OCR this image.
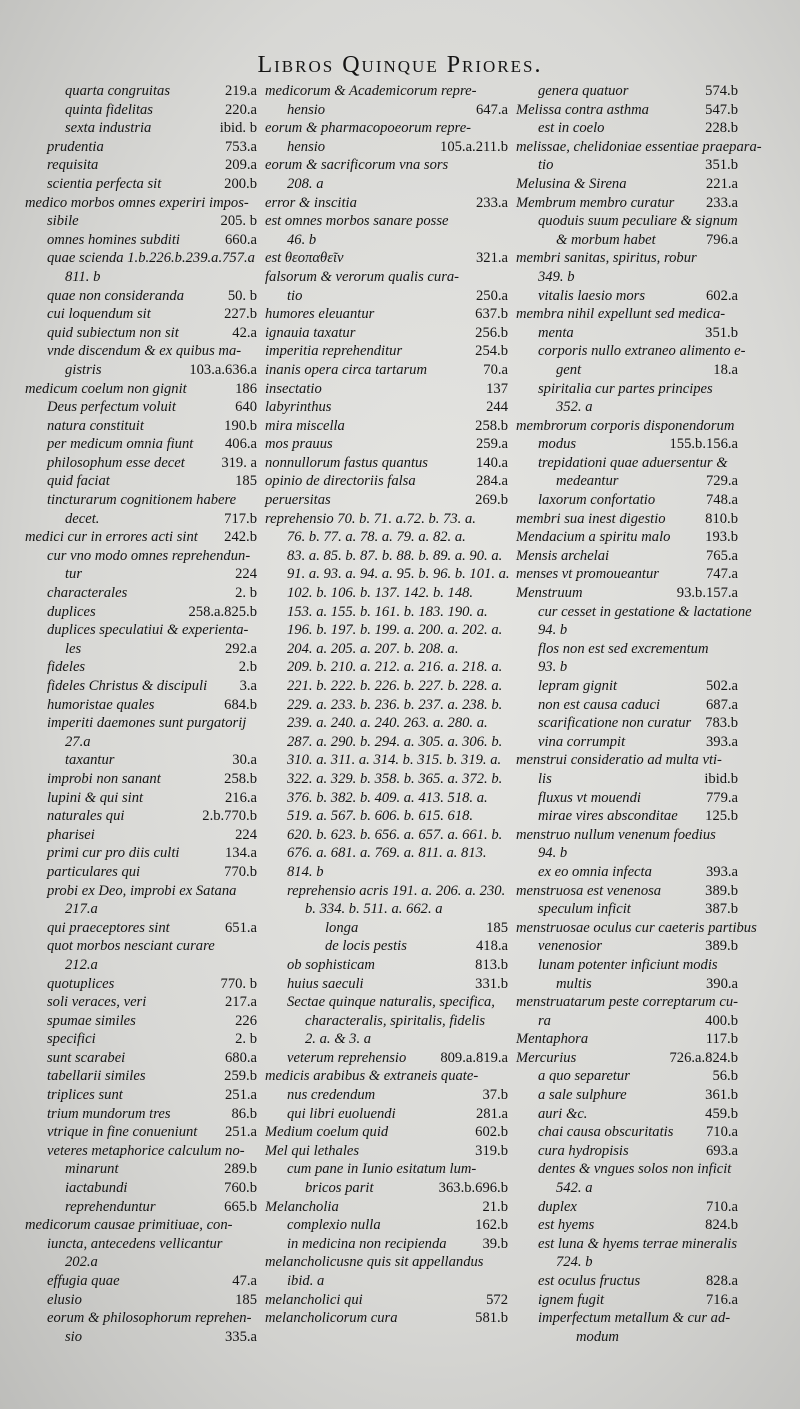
Libros Quinque Priores.
quarta congruitas	219.a
quinta fidelitas	220.a
sexta industria	ibid. b
prudentia	753.a
requisita	209.a
scientia perfecta sit	200.b
medico morbos omnes experiri impos-
sibile	205. b
omnes homines subditi	660.a
quae scienda 1.b.226.b.239.a.757.a
811. b
quae non consideranda	50. b
cui loquendum sit	227.b
quid subiectum non sit	42.a
vnde discendum & ex quibus ma-
gistris	103.a.636.a
medicum coelum non gignit	186
Deus perfectum voluit	640
natura constituit	190.b
per medicum omnia fiunt 406.a
philosophum esse decet	319. a
quid faciat	185
tincturarum cognitionem habere
decet.	717.b
medici cur in errores acti sint 242.b
cur vno modo omnes reprehendun-
tur	224
characterales	2. b
duplices	258.a.825.b
duplices speculatiui & experienta-
les	292.a
fideles	2.b
fideles Christus & discipuli 3.a
humoristae quales	684.b
imperiti daemones sunt purgatorij
27.a
taxantur	30.a
improbi non sanant	258.b
lupini & qui sint	216.a
naturales qui	2.b.770.b
pharisei	224
primi cur pro diis culti	134.a
particulares qui	770.b
probi ex Deo, improbi ex Satana
217.a
qui praeceptores sint	651.a
quot morbos nesciant curare
212.a
quotuplices	770. b
soli veraces, veri	217.a
spumae similes	226
specifici	2. b
sunt scarabei	680.a
tabellarii similes	259.b
triplices sunt	251.a
trium mundorum tres	86.b
vtrique in fine conueniunt 251.a
veteres metaphorice calculum no-
minarunt	289.b
iactabundi	760.b
reprehenduntur	665.b
medicorum causae primitiuae, con-
iuncta, antecedens vellicantur
202.a
effugia quae	47.a
elusio	185
eorum & philosophorum reprehen-
sio	335.a
medicorum & Academicorum repre-
hensio	647.a
eorum & pharmacopoeorum repre-
hensio	105.a.211.b
eorum & sacrificorum vna sors
208. a
error & inscitia	233.a
est omnes morbos sanare posse
46. b
est θεοπαθεῖν	321.a
falsorum & verorum qualis cura-
tio	250.a
humores eleuantur	637.b
ignauia taxatur	256.b
imperitia reprehenditur	254.b
inanis opera circa tartarum	70.a
insectatio	137
labyrinthus	244
mira miscella	258.b
mos prauus	259.a
nonnullorum fastus quantus	140.a
opinio de directoriis falsa	284.a
peruersitas	269.b
reprehensio 70. b. 71. a.72. b. 73. a.
76. b. 77. a. 78. a. 79. a. 82. a.
83. a. 85. b. 87. b. 88. b. 89. a. 90. a.
91. a. 93. a. 94. a. 95. b. 96. b. 101. a.
102. b. 106. b. 137. 142. b. 148.
153. a. 155. b. 161. b. 183. 190. a.
196. b. 197. b. 199. a. 200. a. 202. a.
204. a. 205. a. 207. b. 208. a.
209. b. 210. a. 212. a. 216. a. 218. a.
221. b. 222. b. 226. b. 227. b. 228. a.
229. a. 233. b. 236. b. 237. a. 238. b.
239. a. 240. a. 240. 263. a. 280. a.
287. a. 290. b. 294. a. 305. a. 306. b.
310. a. 311. a. 314. b. 315. b. 319. a.
322. a. 329. b. 358. b. 365. a. 372. b.
376. b. 382. b. 409. a. 413. 518. a.
519. a. 567. b. 606. b. 615. 618.
620. b. 623. b. 656. a. 657. a. 661. b.
676. a. 681. a. 769. a. 811. a. 813.
814. b
reprehensio acris 191. a. 206. a. 230.
b. 334. b. 511. a. 662. a
longa	185
de locis pestis	418.a
ob sophisticam	813.b
huius saeculi	331.b
Sectae quinque naturalis, specifica,
characteralis, spiritalis, fidelis
2. a. & 3. a
veterum reprehensio 809.a.819.a
medicis arabibus & extraneis quate-
nus credendum	37.b
qui libri euoluendi	281.a
Medium coelum quid	602.b
Mel qui lethales	319.b
cum pane in Iunio esitatum lum-
bricos parit	363.b.696.b
Melancholia	21.b
complexio nulla	162.b
in medicina non recipienda 39.b
melancholicusne quis sit appellandus
ibid. a
melancholici qui	572
melancholicorum cura	581.b
genera quatuor	574.b
Melissa contra asthma	547.b
est in coelo	228.b
melissae, chelidoniae essentiae praepara-
tio	351.b
Melusina & Sirena	221.a
Membrum membro curatur 233.a
quoduis suum peculiare & signum
& morbum habet	796.a
membri sanitas, spiritus, robur
349. b
vitalis laesio mors	602.a
membra nihil expellunt sed medica-
menta	351.b
corporis nullo extraneo alimento e-
gent	18.a
spiritalia cur partes principes
352. a
membrorum corporis disponendorum
modus	155.b.156.a
trepidationi quae aduersentur &
medeantur	729.a
laxorum confortatio	748.a
membri sua inest digestio	810.b
Mendacium a spiritu malo 193.b
Mensis archelai	765.a
menses vt promoueantur	747.a
Menstruum	93.b.157.a
cur cesset in gestatione & lactatione
94. b
flos non est sed excrementum
93. b
lepram gignit	502.a
non est causa caduci	687.a
scarificatione non curatur 783.b
vina corrumpit	393.a
menstrui consideratio ad multa vti-
lis	ibid.b
fluxus vt mouendi	779.a
mirae vires absconditae 125.b
menstruo nullum venenum foedius
94. b
ex eo omnia infecta	393.a
menstruosa est venenosa	389.b
speculum inficit	387.b
menstruosae oculus cur caeteris partibus
venenosior	389.b
lunam potenter inficiunt modis
multis	390.a
menstruatarum peste correptarum cu-
ra	400.b
Mentaphora	117.b
Mercurius	726.a.824.b
a quo separetur	56.b
a sale sulphure	361.b
auri &c.	459.b
chai causa obscuritatis 710.a
cura hydropisis	693.a
dentes & vngues solos non inficit
542. a
duplex	710.a
est hyems	824.b
est luna & hyems terrae mineralis
724. b
est oculus fructus	828.a
ignem fugit	716.a
imperfectum metallum & cur ad-
modum
